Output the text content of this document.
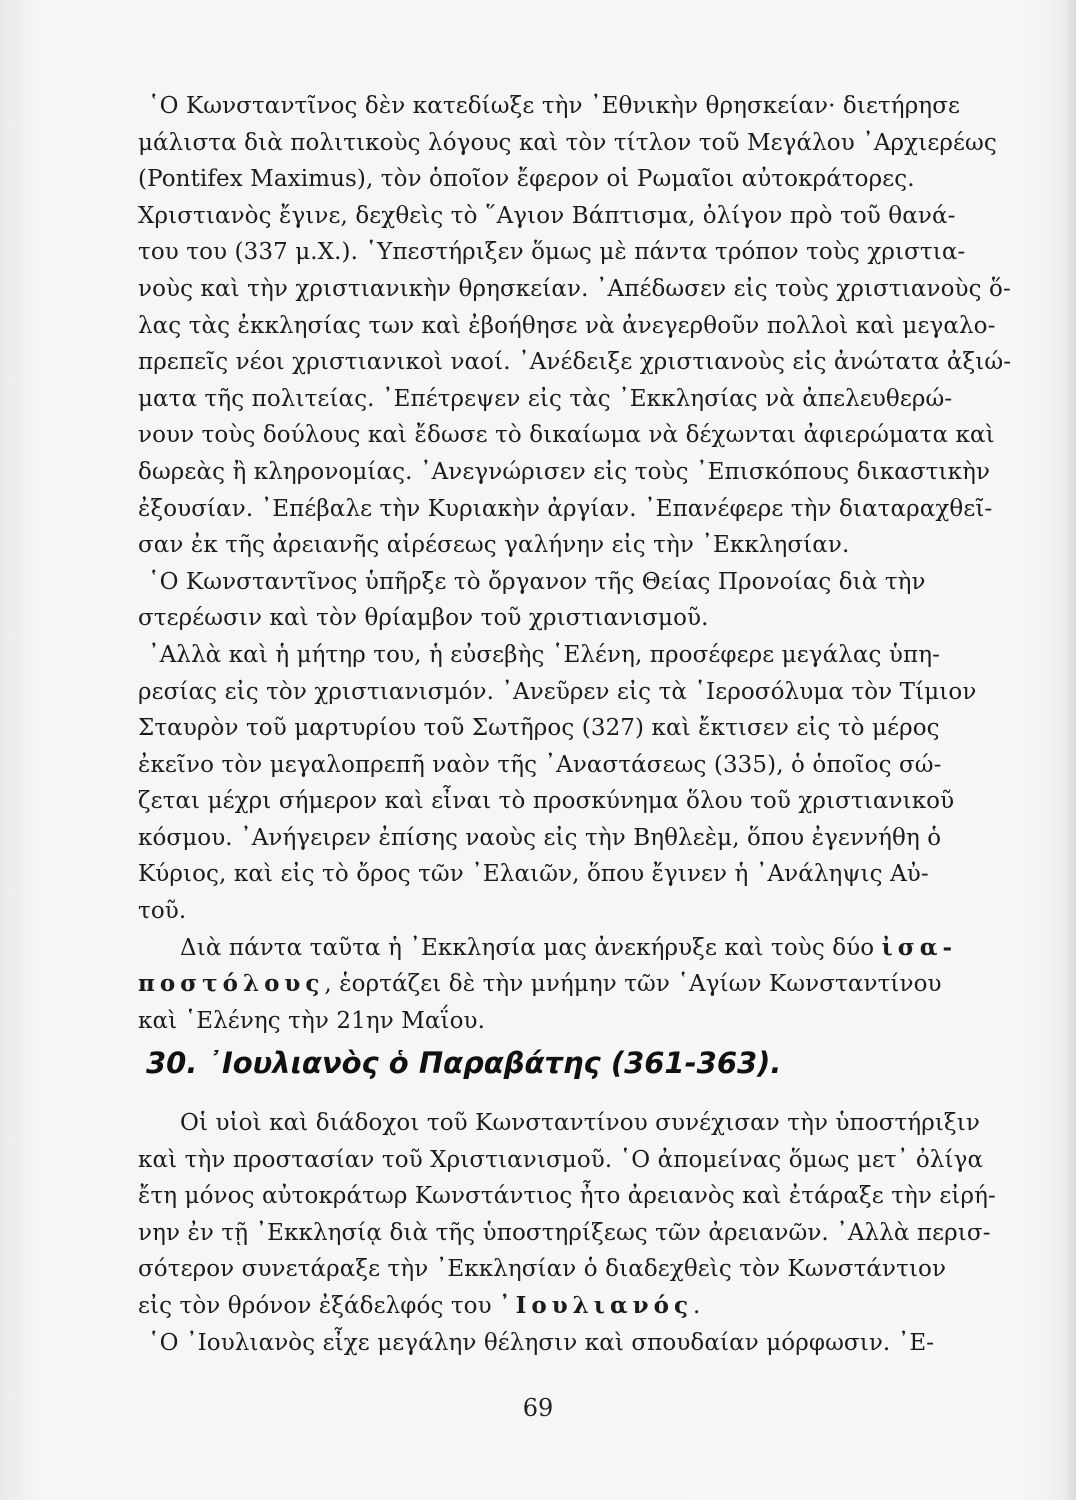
῾Ο Κωνσταντῖνος δὲν κατεδίωξε τὴν ᾿Εθνικὴν θρησκείαν· διετήρησε
μάλιστα διὰ πολιτικοὺς λόγους καὶ τὸν τίτλον τοῦ Μεγάλου ᾿Αρχιερέως
(Pontifex Maximus), τὸν ὁποῖον ἔφερον οἱ Ρωμαῖοι αὐτοκράτορες.
Χριστιανὸς ἔγινε, δεχθεὶς τὸ ῞Αγιον Βάπτισμα, ὀλίγον πρὸ τοῦ θανά-
του του (337 μ.Χ.). ῾Υπεστήριξεν ὅμως μὲ πάντα τρόπον τοὺς χριστια-
νοὺς καὶ τὴν χριστιανικὴν θρησκείαν. ᾿Απέδωσεν εἰς τοὺς χριστιανοὺς ὅ-
λας τὰς ἐκκλησίας των καὶ ἐβοήθησε νὰ ἀνεγερθοῦν πολλοὶ καὶ μεγαλο-
πρεπεῖς νέοι χριστιανικοὶ ναοί. ᾿Ανέδειξε χριστιανοὺς εἰς ἀνώτατα ἀξιώ-
ματα τῆς πολιτείας. ᾿Επέτρεψεν εἰς τὰς ᾿Εκκλησίας νὰ ἀπελευθερώ-
νουν τοὺς δούλους καὶ ἔδωσε τὸ δικαίωμα νὰ δέχωνται ἀφιερώματα καὶ
δωρεὰς ἢ κληρονομίας. ᾿Ανεγνώρισεν εἰς τοὺς ᾿Επισκόπους δικαστικὴν
ἐξουσίαν. ᾿Επέβαλε τὴν Κυριακὴν ἀργίαν. ᾿Επανέφερε τὴν διαταραχθεῖ-
σαν ἐκ τῆς ἀρειανῆς αἱρέσεως γαλήνην εἰς τὴν ᾿Εκκλησίαν.
῾Ο Κωνσταντῖνος ὑπῆρξε τὸ ὄργανον τῆς Θείας Προνοίας διὰ τὴν
στερέωσιν καὶ τὸν θρίαμβον τοῦ χριστιανισμοῦ.
᾿Αλλὰ καὶ ἡ μήτηρ του, ἡ εὐσεβὴς ῾Ελένη, προσέφερε μεγάλας ὑπη-
ρεσίας εἰς τὸν χριστιανισμόν. ᾿Ανεῦρεν εἰς τὰ ῾Ιεροσόλυμα τὸν Τίμιον
Σταυρὸν τοῦ μαρτυρίου τοῦ Σωτῆρος (327) καὶ ἔκτισεν εἰς τὸ μέρος
ἐκεῖνο τὸν μεγαλοπρεπῆ ναὸν τῆς ᾿Αναστάσεως (335), ὁ ὁποῖος σώ-
ζεται μέχρι σήμερον καὶ εἶναι τὸ προσκύνημα ὅλου τοῦ χριστιανικοῦ
κόσμου. ᾿Ανήγειρεν ἐπίσης ναοὺς εἰς τὴν Βηθλεὲμ, ὅπου ἐγεννήθη ὁ
Κύριος, καὶ εἰς τὸ ὄρος τῶν ᾿Ελαιῶν, ὅπου ἔγινεν ἡ ᾿Ανάληψις Αὐ-
τοῦ.
Διὰ πάντα ταῦτα ἡ ᾿Εκκλησία μας ἀνεκήρυξε καὶ τοὺς δύο ἰσα-
ποστόλους, ἑορτάζει δὲ τὴν μνήμην τῶν ῾Αγίων Κωνσταντίνου
καὶ ῾Ελένης τὴν 21ην Μαΐου.
30. ᾿Ιουλιανὸς ὁ Παραβάτης (361-363).
Οἱ υἱοὶ καὶ διάδοχοι τοῦ Κωνσταντίνου συνέχισαν τὴν ὑποστήριξιν
καὶ τὴν προστασίαν τοῦ Χριστιανισμοῦ. ῾Ο ἀπομείνας ὅμως μετ᾿ ὀλίγα
ἔτη μόνος αὐτοκράτωρ Κωνστάντιος ἦτο ἀρειανὸς καὶ ἐτάραξε τὴν εἰρή-
νην ἐν τῇ ᾿Εκκλησίᾳ διὰ τῆς ὑποστηρίξεως τῶν ἀρειανῶν. ᾿Αλλὰ περισ-
σότερον συνετάραξε τὴν ᾿Εκκλησίαν ὁ διαδεχθεὶς τὸν Κωνστάντιον
εἰς τὸν θρόνον ἐξάδελφός του ᾿Ιουλιανός.
῾Ο ᾿Ιουλιανὸς εἶχε μεγάλην θέλησιν καὶ σπουδαίαν μόρφωσιν. ᾿Ε-
69
